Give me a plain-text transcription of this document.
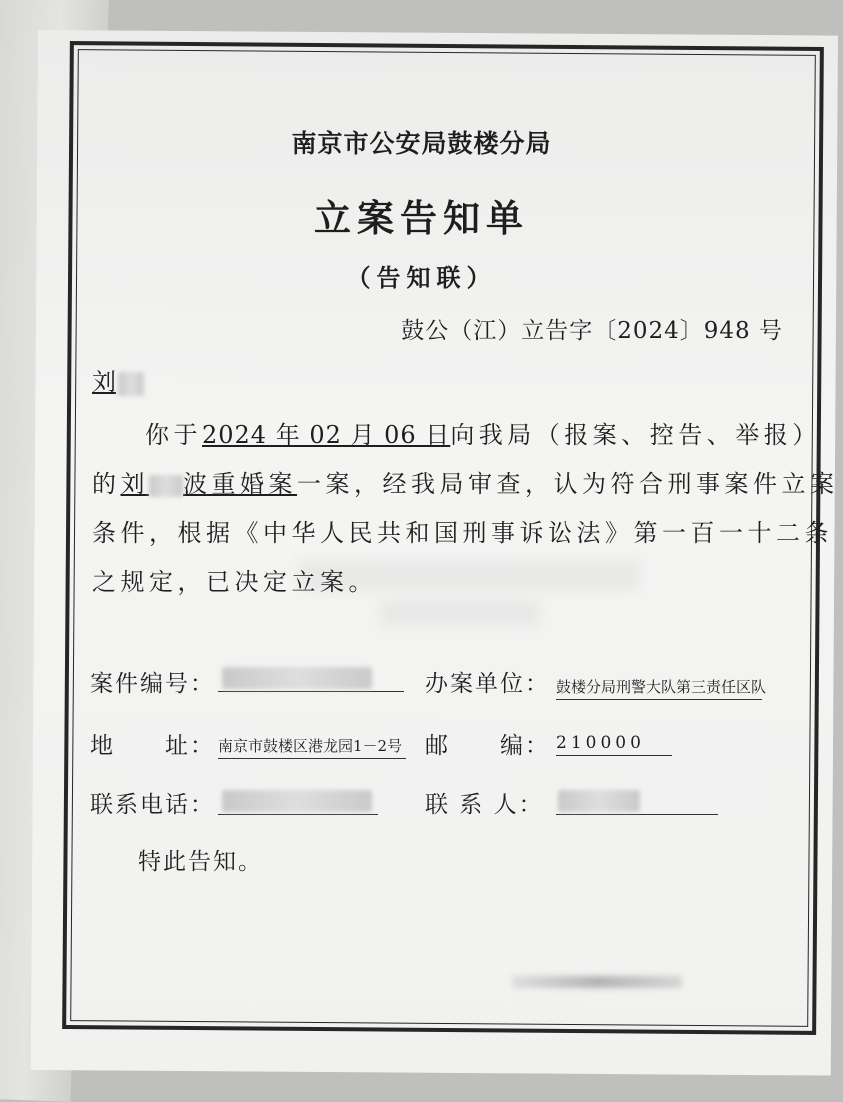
南京市公安局鼓楼分局
立案告知单
（告知联）
鼓公（江）立告字〔2024〕948 号
刘
你于2024 年 02 月 06 日向我局（报案、控告、举报）
的刘 波重婚案一案，经我局审查，认为符合刑事案件立案
条件，根据《中华人民共和国刑事诉讼法》第一百一十二条
之规定，已决定立案。
案件编号：	办案单位： 鼓楼分局刑警大队第三责任区队
地　　址： 南京市鼓楼区港龙园1－2号 邮　　编： 210000
联系电话：	联 系 人：
特此告知。
